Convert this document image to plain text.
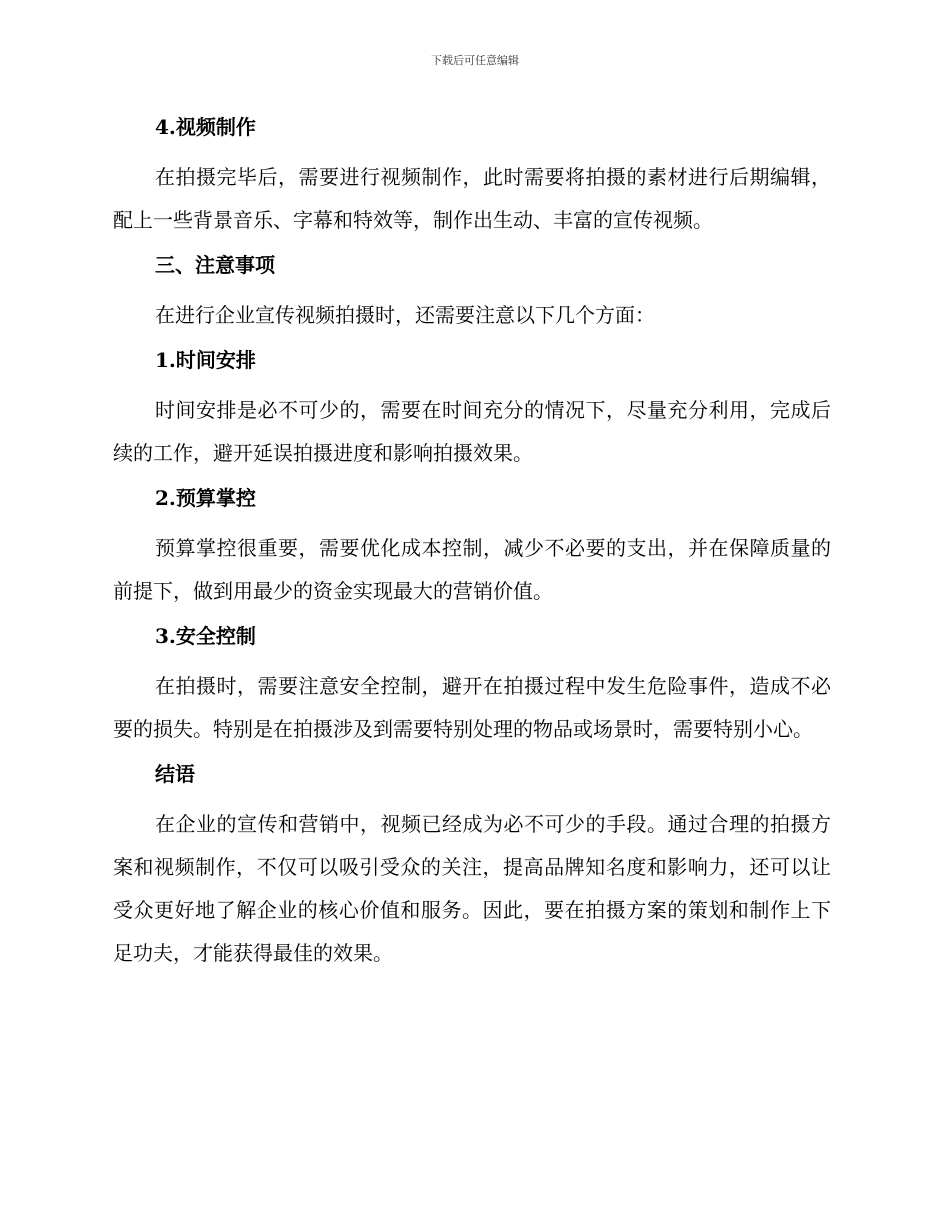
下载后可任意编辑
4.视频制作
在拍摄完毕后，需要进行视频制作，此时需要将拍摄的素材进行后期编辑，配上一些背景音乐、字幕和特效等，制作出生动、丰富的宣传视频。
三、注意事项
在进行企业宣传视频拍摄时，还需要注意以下几个方面：
1.时间安排
时间安排是必不可少的，需要在时间充分的情况下，尽量充分利用，完成后续的工作，避开延误拍摄进度和影响拍摄效果。
2.预算掌控
预算掌控很重要，需要优化成本控制，减少不必要的支出，并在保障质量的前提下，做到用最少的资金实现最大的营销价值。
3.安全控制
在拍摄时，需要注意安全控制，避开在拍摄过程中发生危险事件，造成不必要的损失。特别是在拍摄涉及到需要特别处理的物品或场景时，需要特别小心。
结语
在企业的宣传和营销中，视频已经成为必不可少的手段。通过合理的拍摄方案和视频制作，不仅可以吸引受众的关注，提高品牌知名度和影响力，还可以让受众更好地了解企业的核心价值和服务。因此，要在拍摄方案的策划和制作上下足功夫，才能获得最佳的效果。
